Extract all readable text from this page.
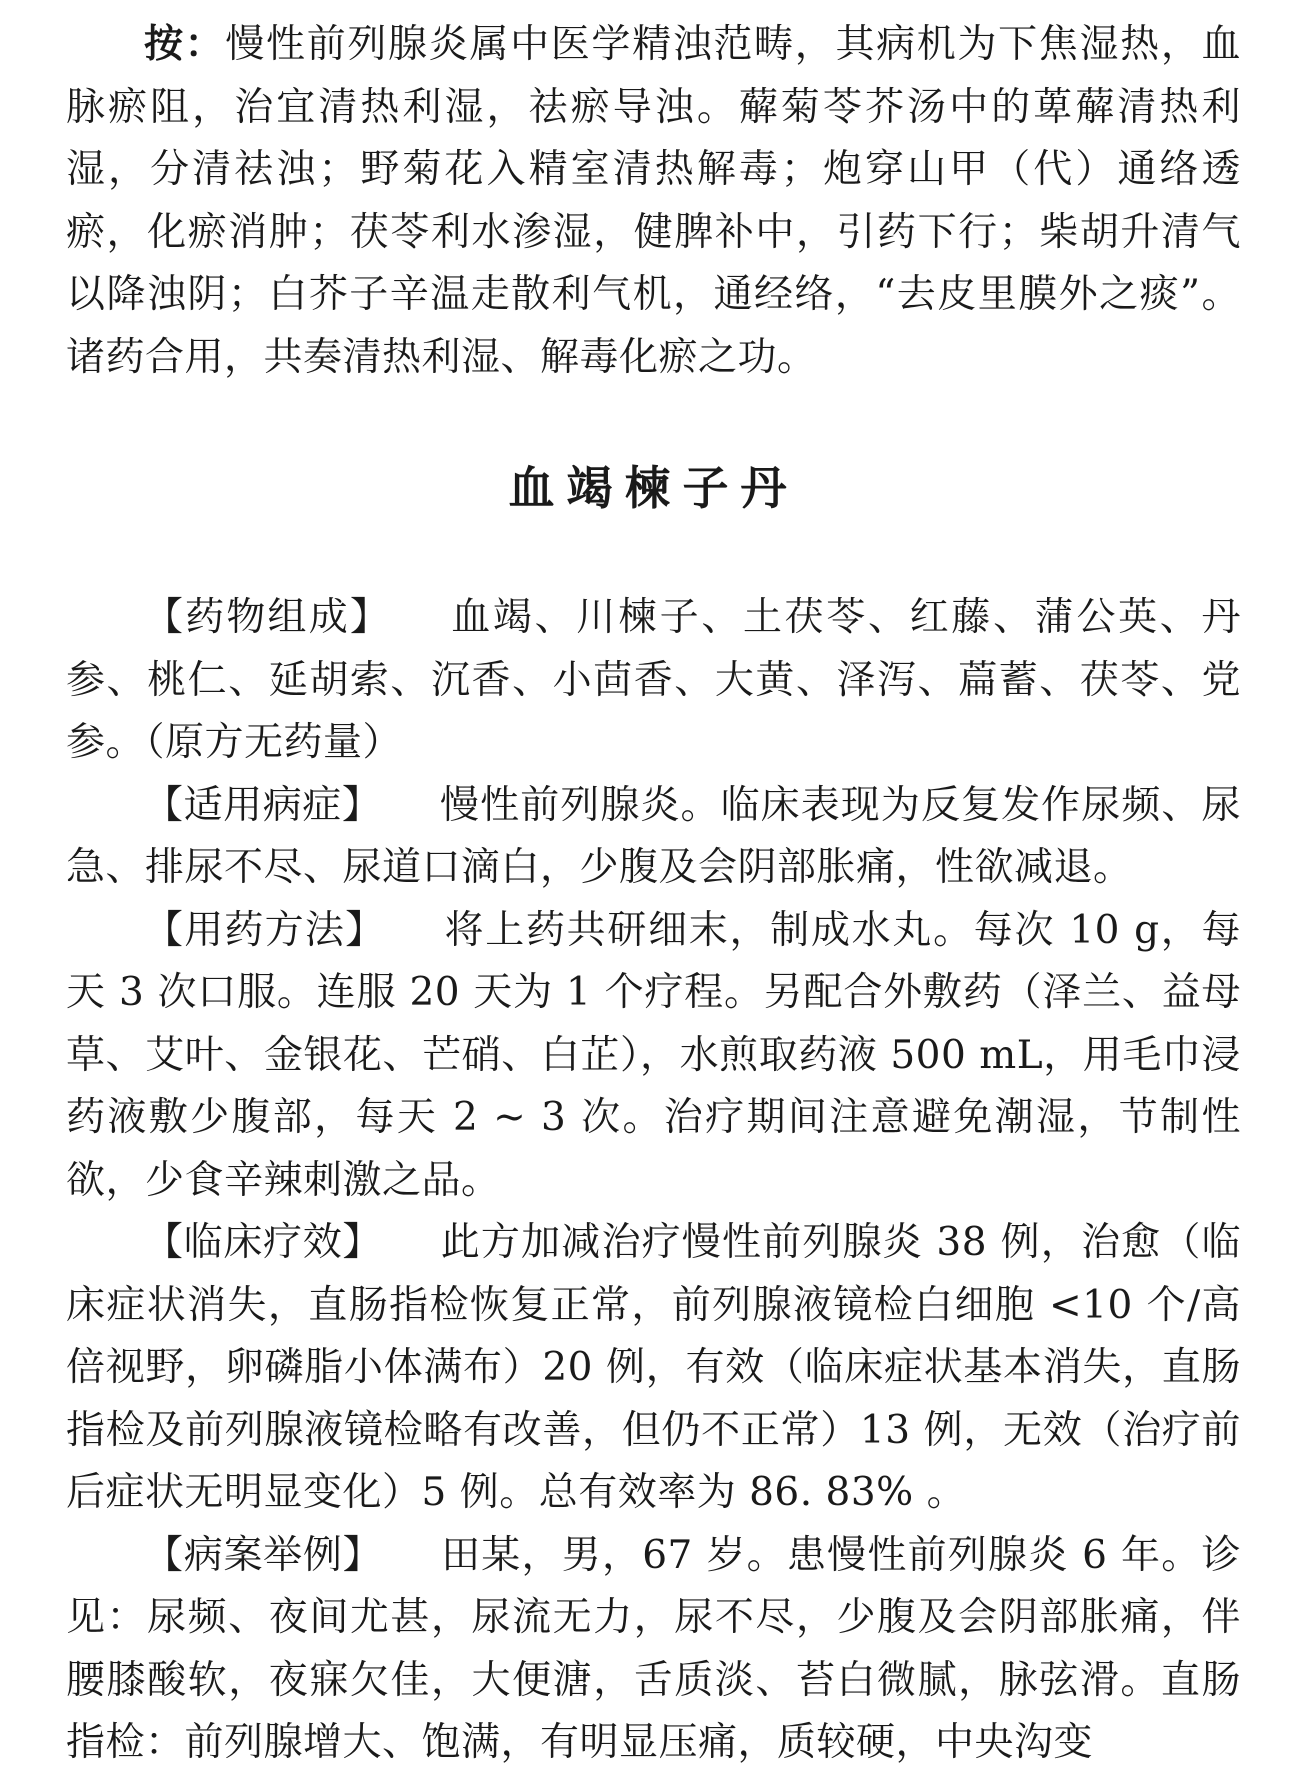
按：慢性前列腺炎属中医学精浊范畴，其病机为下焦湿热，血脉瘀阻，治宜清热利湿，祛瘀导浊。薢菊苓芥汤中的萆薢清热利湿，分清祛浊；野菊花入精室清热解毒；炮穿山甲（代）通络透瘀，化瘀消肿；茯苓利水渗湿，健脾补中，引药下行；柴胡升清气以降浊阴；白芥子辛温走散利气机，通经络，“去皮里膜外之痰”。诸药合用，共奏清热利湿、解毒化瘀之功。

血竭楝子丹

【药物组成】 血竭、川楝子、土茯苓、红藤、蒲公英、丹参、桃仁、延胡索、沉香、小茴香、大黄、泽泻、萹蓄、茯苓、党参。（原方无药量）

【适用病症】 慢性前列腺炎。临床表现为反复发作尿频、尿急、排尿不尽、尿道口滴白，少腹及会阴部胀痛，性欲减退。

【用药方法】 将上药共研细末，制成水丸。每次 10 g，每天 3 次口服。连服 20 天为 1 个疗程。另配合外敷药（泽兰、益母草、艾叶、金银花、芒硝、白芷），水煎取药液 500 mL，用毛巾浸药液敷少腹部，每天 2 ~ 3 次。治疗期间注意避免潮湿，节制性欲，少食辛辣刺激之品。

【临床疗效】 此方加减治疗慢性前列腺炎 38 例，治愈（临床症状消失，直肠指检恢复正常，前列腺液镜检白细胞 <10 个/高倍视野，卵磷脂小体满布）20 例，有效（临床症状基本消失，直肠指检及前列腺液镜检略有改善，但仍不正常）13 例，无效（治疗前后症状无明显变化）5 例。总有效率为 86. 83% 。

【病案举例】 田某，男，67 岁。患慢性前列腺炎 6 年。诊见：尿频、夜间尤甚，尿流无力，尿不尽，少腹及会阴部胀痛，伴腰膝酸软，夜寐欠佳，大便溏，舌质淡、苔白微腻，脉弦滑。直肠指检：前列腺增大、饱满，有明显压痛，质较硬，中央沟变
